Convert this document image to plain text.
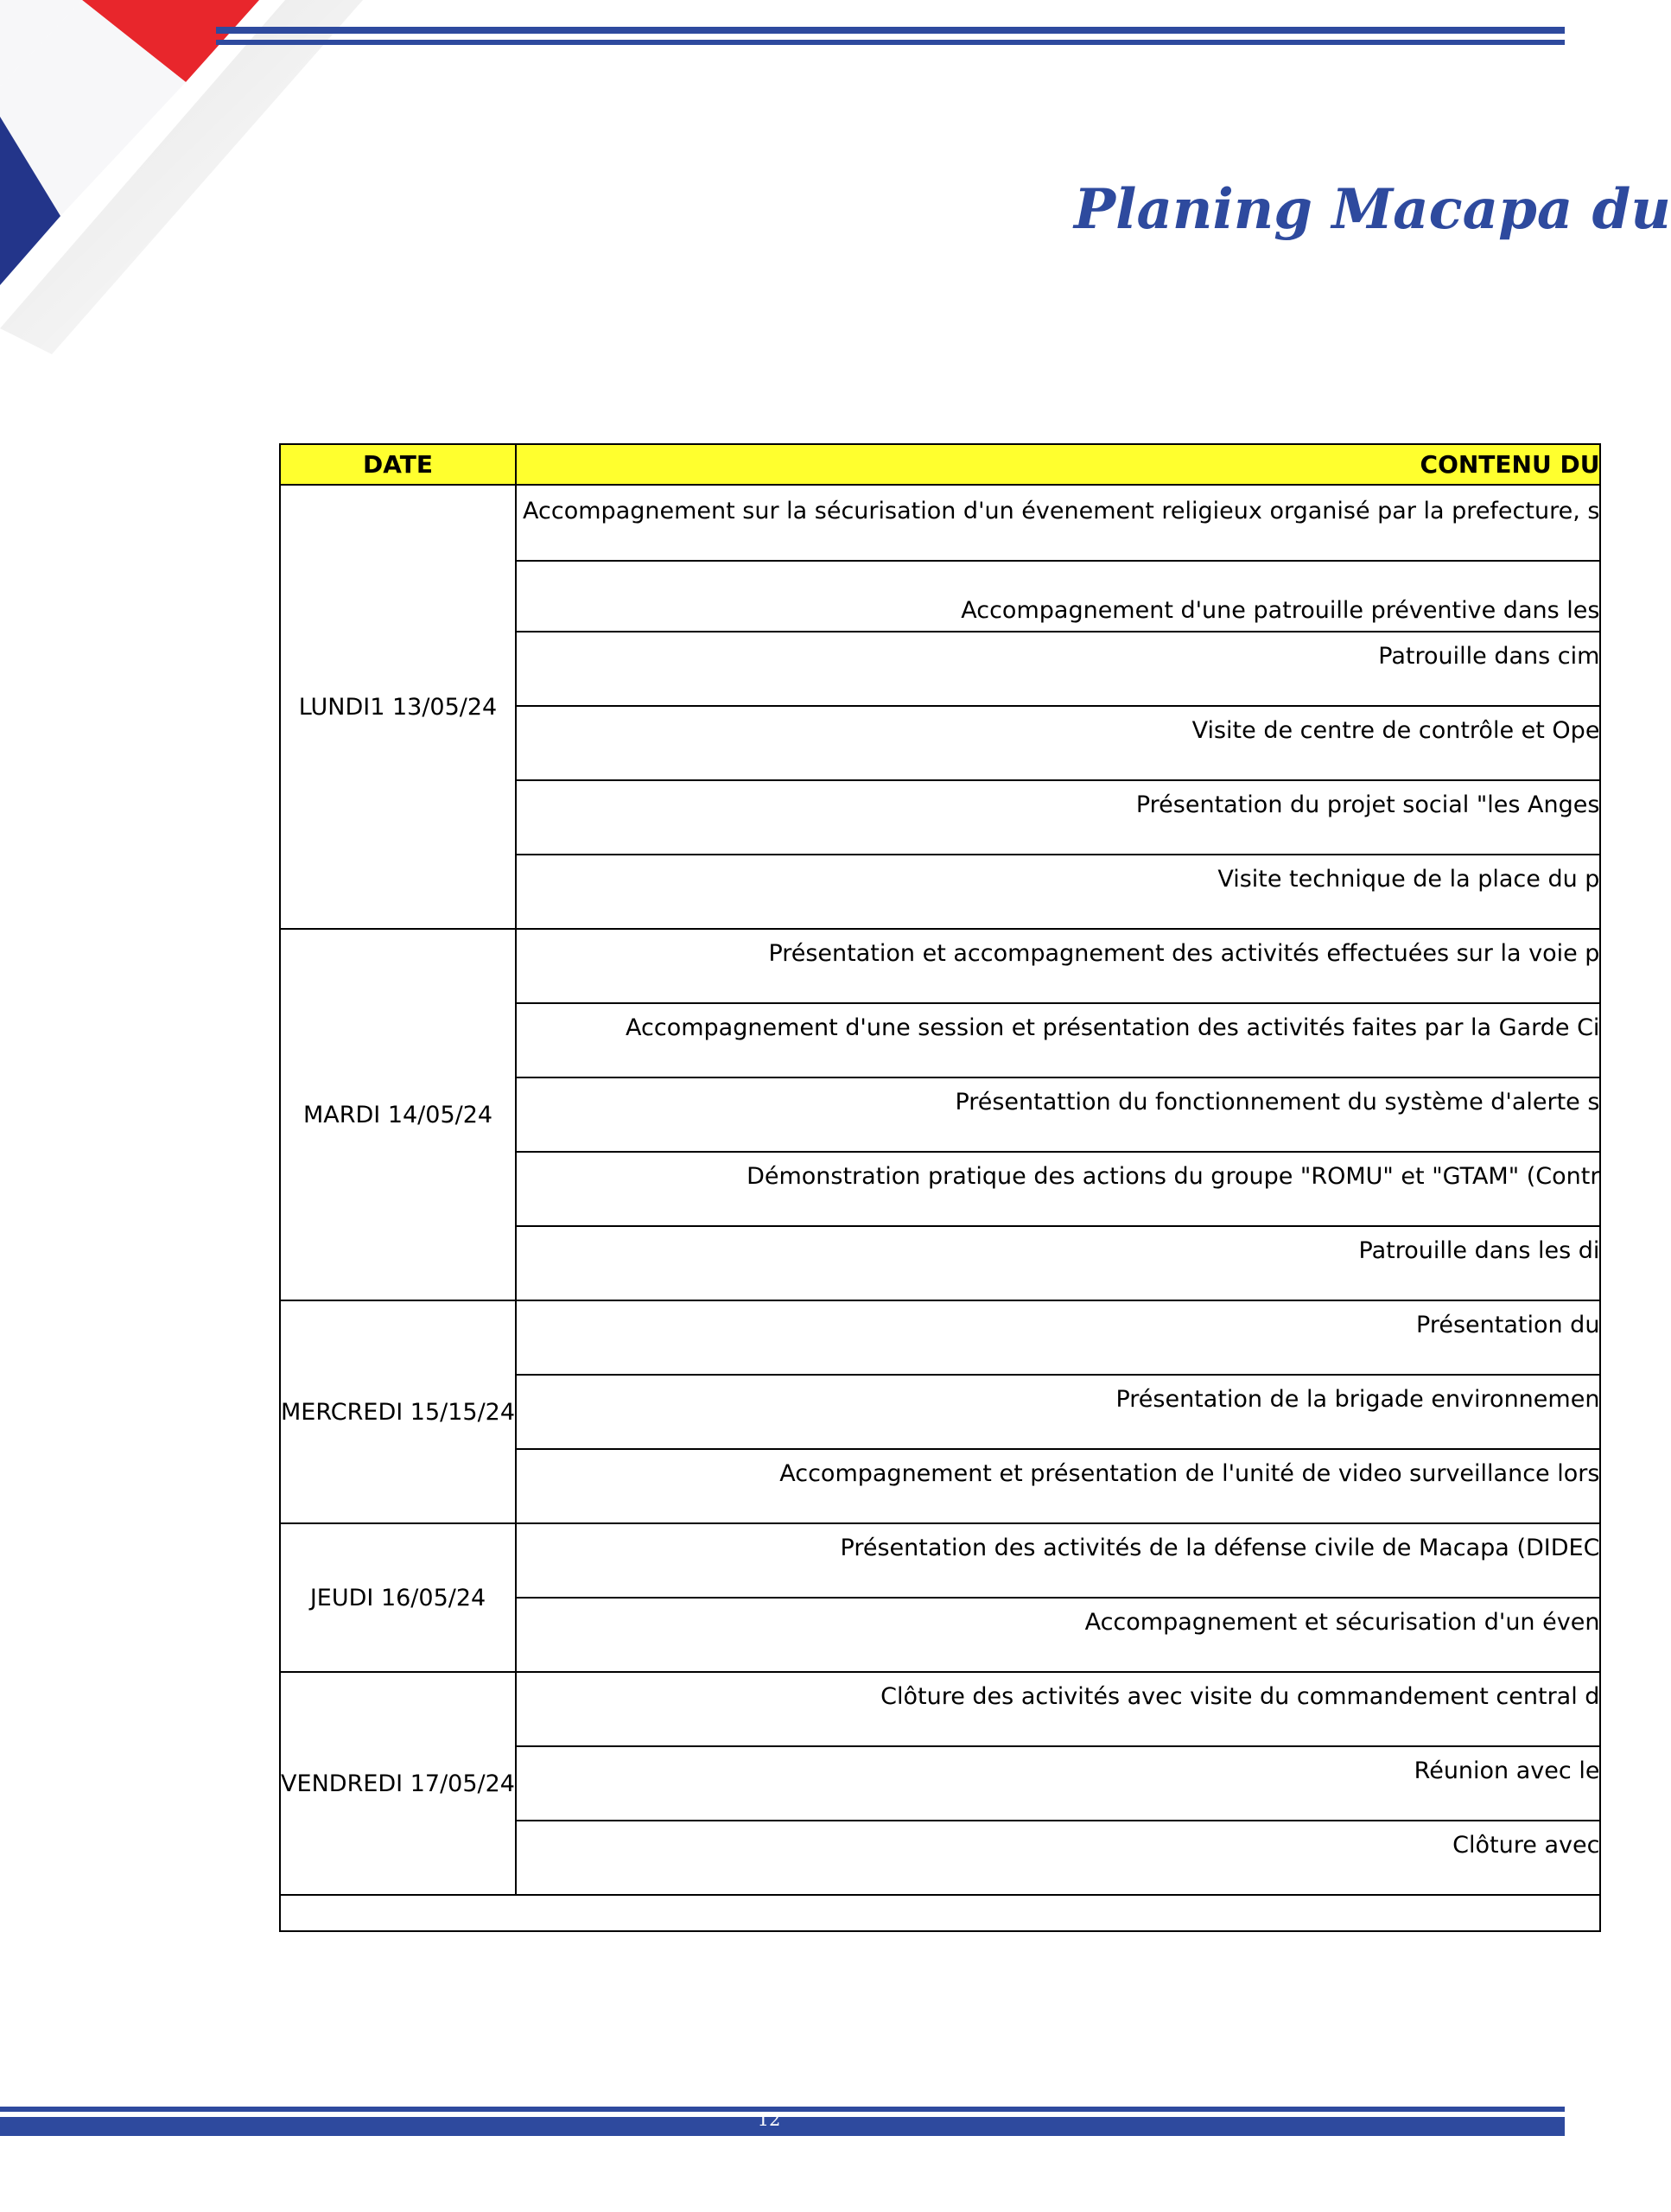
Planing Macapa du
DATE	CONTENU DU
LUNDI1 13/05/24	Accompagnement sur la sécurisation d'un évenement religieux organisé par la prefecture, s
	Accompagnement d'une patrouille préventive dans les
	Patrouille dans cim
	Visite de centre de contrôle et Ope
	Présentation du projet social "les Anges
	Visite technique de la place du p
MARDI 14/05/24	Présentation et accompagnement des activités effectuées sur la voie p
	Accompagnement d'une session et présentation des activités faites par la Garde Ci
	Présentattion du fonctionnement du système d'alerte s
	Démonstration pratique des actions du groupe "ROMU" et "GTAM" (Contr
	Patrouille dans les di
MERCREDI 15/15/24	Présentation du
	Présentation de la brigade environnemen
	Accompagnement et présentation de l'unité de video surveillance lors
JEUDI 16/05/24	Présentation des activités de la défense civile de Macapa (DIDEC
	Accompagnement et sécurisation d'un éven
VENDREDI 17/05/24	Clôture des activités avec visite du commandement central d
	Réunion avec le
	Clôture avec

12
